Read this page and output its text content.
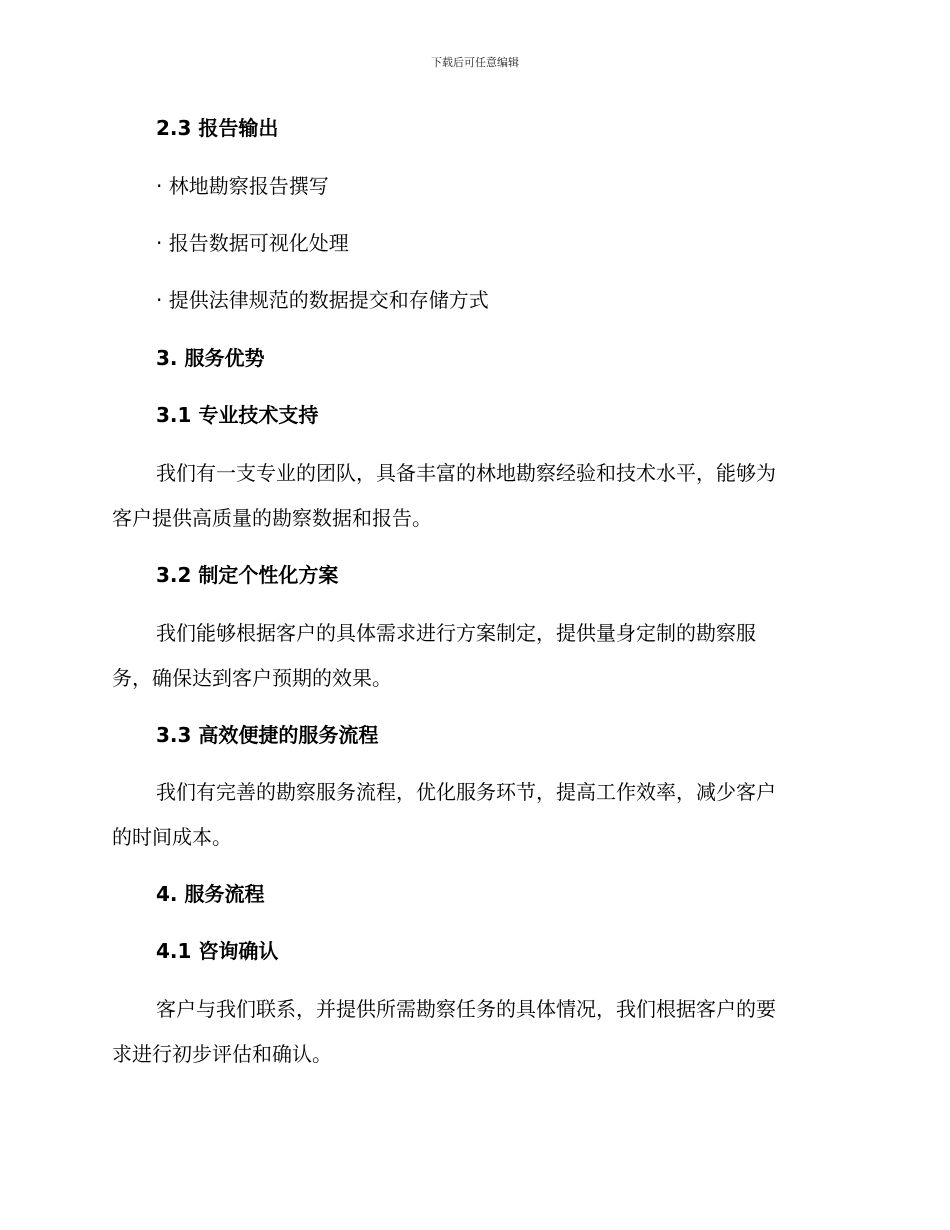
下载后可任意编辑
2.3 报告输出
· 林地勘察报告撰写
· 报告数据可视化处理
· 提供法律规范的数据提交和存储方式
3. 服务优势
3.1 专业技术支持
我们有一支专业的团队，具备丰富的林地勘察经验和技术水平，能够为
客户提供高质量的勘察数据和报告。
3.2 制定个性化方案
我们能够根据客户的具体需求进行方案制定，提供量身定制的勘察服
务，确保达到客户预期的效果。
3.3 高效便捷的服务流程
我们有完善的勘察服务流程，优化服务环节，提高工作效率，减少客户
的时间成本。
4. 服务流程
4.1 咨询确认
客户与我们联系，并提供所需勘察任务的具体情况，我们根据客户的要
求进行初步评估和确认。
